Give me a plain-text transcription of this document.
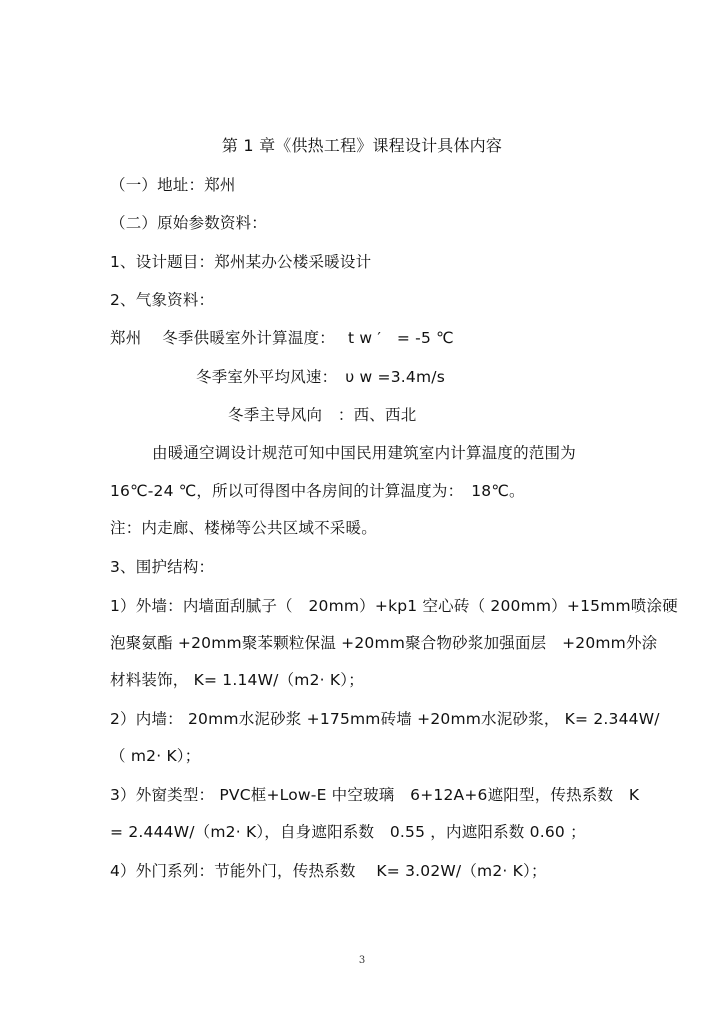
第 1 章《供热工程》课程设计具体内容
（一）地址：郑州
（二）原始参数资料：
1、设计题目：郑州某办公楼采暖设计
2、气象资料：
郑州　 冬季供暖室外计算温度：　 t w ′　= -5 ℃
冬季室外平均风速：　υ w =3.4m/s
冬季主导风向　：西、西北
由暖通空调设计规范可知中国民用建筑室内计算温度的范围为
16℃-24 ℃，所以可得图中各房间的计算温度为：　18℃。
注：内走廊、楼梯等公共区域不采暖。
3、围护结构：
1）外墙：内墙面刮腻子（　20mm）+kp1 空心砖（ 200mm）+15mm喷涂硬
泡聚氨酯 +20mm聚苯颗粒保温 +20mm聚合物砂浆加强面层　+20mm外涂
材料装饰， K= 1.14W/（m2· K）；
2）内墙： 20mm水泥砂浆 +175mm砖墙 +20mm水泥砂浆， K= 2.344W/
（ m2· K）；
3）外窗类型： PVC框+Low-E 中空玻璃　6+12A+6遮阳型，传热系数　K
= 2.444W/（m2· K），自身遮阳系数　0.55 ，内遮阳系数 0.60 ；
4）外门系列：节能外门，传热系数　 K= 3.02W/（m2· K）；
3
